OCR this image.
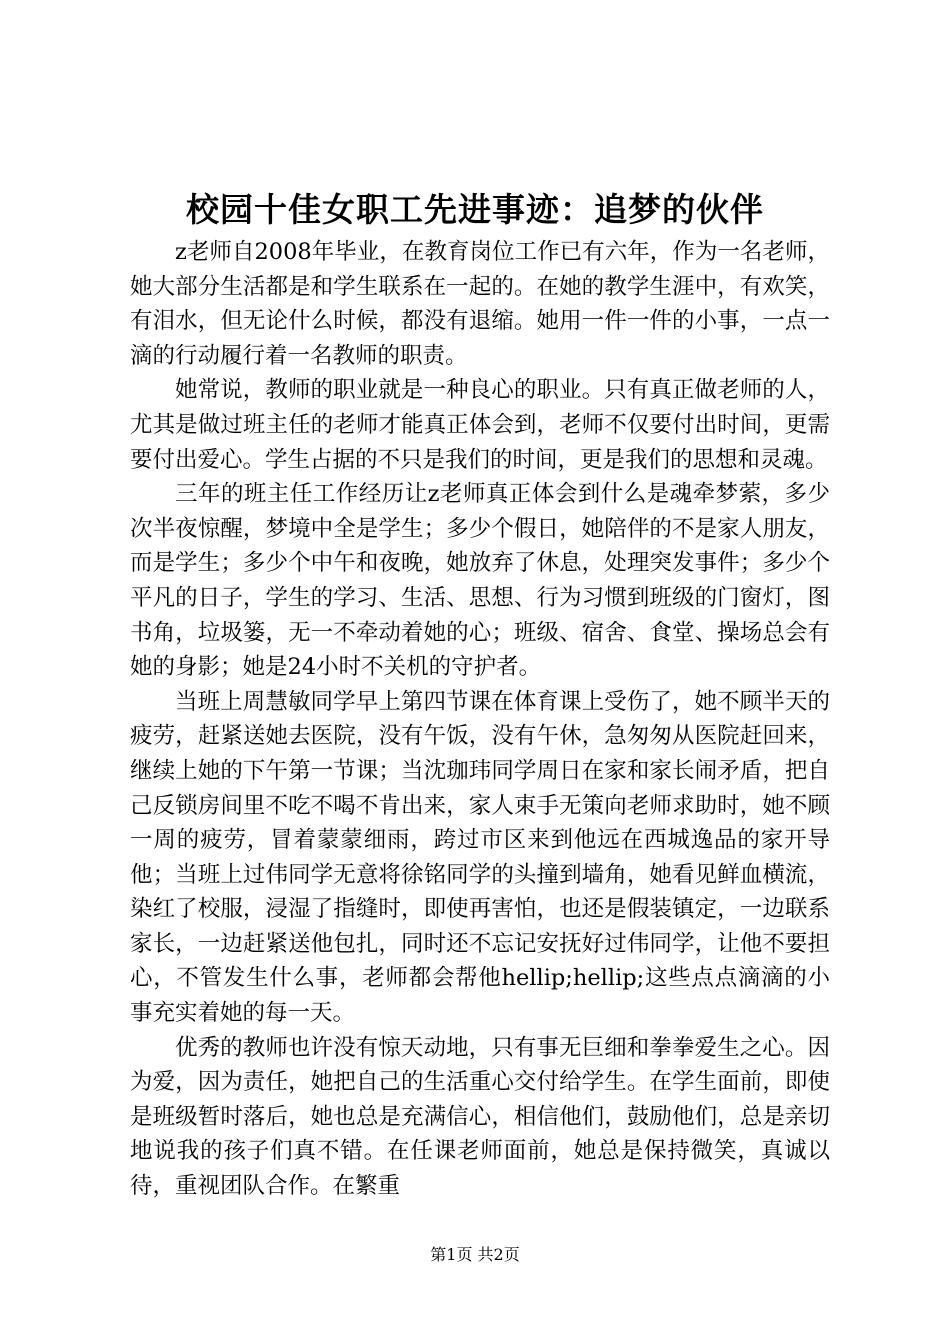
校园十佳女职工先进事迹：追梦的伙伴

z老师自2008年毕业，在教育岗位工作已有六年，作为一名老师，她大部分生活都是和学生联系在一起的。在她的教学生涯中，有欢笑，有泪水，但无论什么时候，都没有退缩。她用一件一件的小事，一点一滴的行动履行着一名教师的职责。

她常说，教师的职业就是一种良心的职业。只有真正做老师的人，尤其是做过班主任的老师才能真正体会到，老师不仅要付出时间，更需要付出爱心。学生占据的不只是我们的时间，更是我们的思想和灵魂。

三年的班主任工作经历让z老师真正体会到什么是魂牵梦萦，多少次半夜惊醒，梦境中全是学生；多少个假日，她陪伴的不是家人朋友，而是学生；多少个中午和夜晚，她放弃了休息，处理突发事件；多少个平凡的日子，学生的学习、生活、思想、行为习惯到班级的门窗灯，图书角，垃圾篓，无一不牵动着她的心；班级、宿舍、食堂、操场总会有她的身影；她是24小时不关机的守护者。

当班上周慧敏同学早上第四节课在体育课上受伤了，她不顾半天的疲劳，赶紧送她去医院，没有午饭，没有午休，急匆匆从医院赶回来，继续上她的下午第一节课；当沈珈玮同学周日在家和家长闹矛盾，把自己反锁房间里不吃不喝不肯出来，家人束手无策向老师求助时，她不顾一周的疲劳，冒着蒙蒙细雨，跨过市区来到他远在西城逸品的家开导他；当班上过伟同学无意将徐铭同学的头撞到墙角，她看见鲜血横流，染红了校服，浸湿了指缝时，即使再害怕，也还是假装镇定，一边联系家长，一边赶紧送他包扎，同时还不忘记安抚好过伟同学，让他不要担心，不管发生什么事，老师都会帮他hellip;hellip;这些点点滴滴的小事充实着她的每一天。

优秀的教师也许没有惊天动地，只有事无巨细和拳拳爱生之心。因为爱，因为责任，她把自己的生活重心交付给学生。在学生面前，即使是班级暂时落后，她也总是充满信心，相信他们，鼓励他们，总是亲切地说我的孩子们真不错。在任课老师面前，她总是保持微笑，真诚以待，重视团队合作。在繁重

第1页 共2页
